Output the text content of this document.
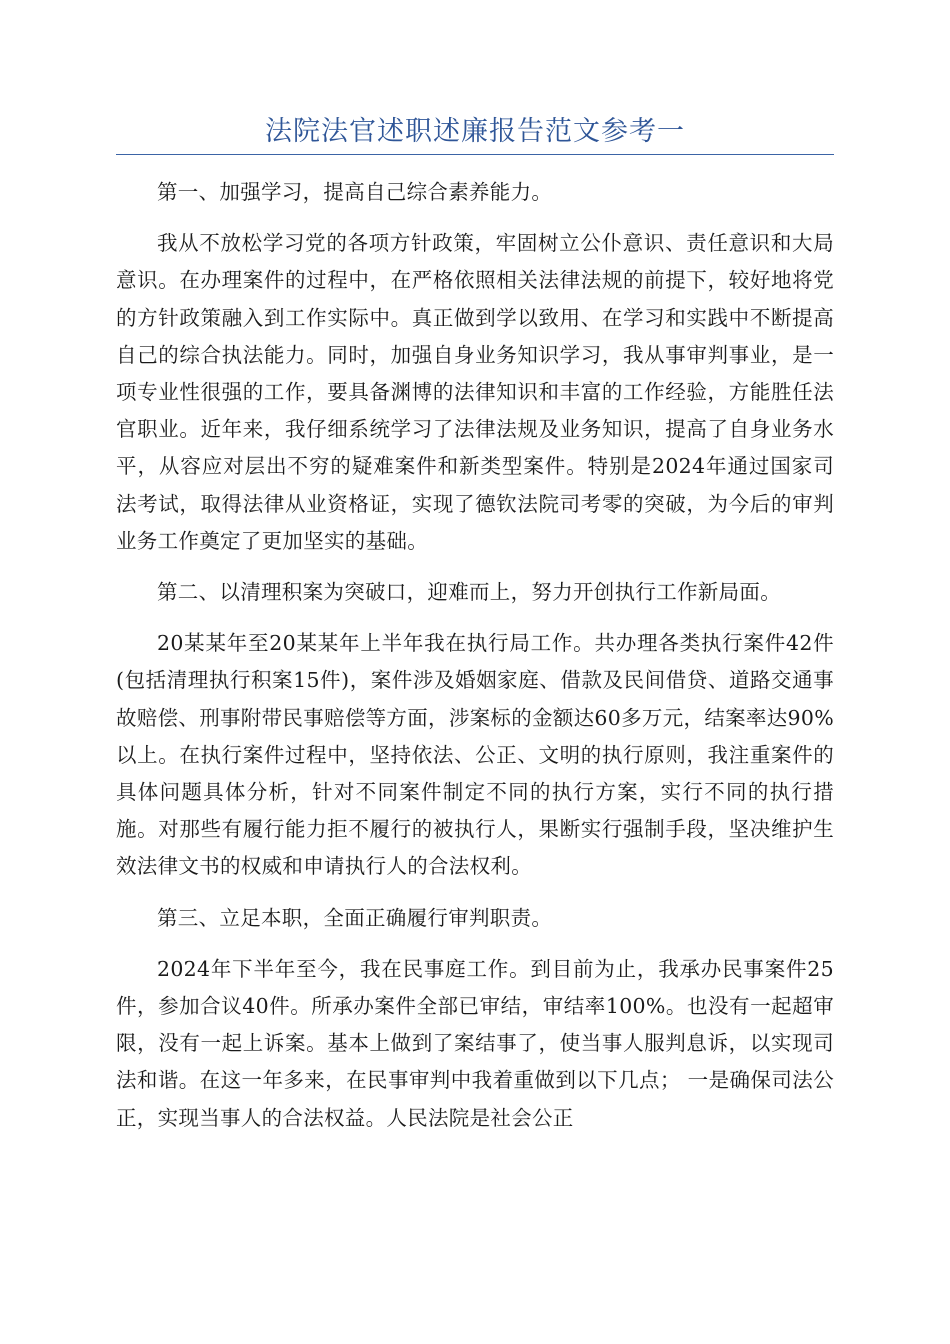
法院法官述职述廉报告范文参考一

第一、加强学习，提高自己综合素养能力。

我从不放松学习党的各项方针政策，牢固树立公仆意识、责任意识和大局意识。在办理案件的过程中，在严格依照相关法律法规的前提下，较好地将党的方针政策融入到工作实际中。真正做到学以致用、在学习和实践中不断提高自己的综合执法能力。同时，加强自身业务知识学习，我从事审判事业，是一项专业性很强的工作，要具备渊博的法律知识和丰富的工作经验，方能胜任法官职业。近年来，我仔细系统学习了法律法规及业务知识，提高了自身业务水平，从容应对层出不穷的疑难案件和新类型案件。特别是2024年通过国家司法考试，取得法律从业资格证，实现了德钦法院司考零的突破，为今后的审判业务工作奠定了更加坚实的基础。

第二、以清理积案为突破口，迎难而上，努力开创执行工作新局面。

20某某年至20某某年上半年我在执行局工作。共办理各类执行案件42件(包括清理执行积案15件)，案件涉及婚姻家庭、借款及民间借贷、道路交通事故赔偿、刑事附带民事赔偿等方面，涉案标的金额达60多万元，结案率达90%以上。在执行案件过程中，坚持依法、公正、文明的执行原则，我注重案件的具体问题具体分析，针对不同案件制定不同的执行方案，实行不同的执行措施。对那些有履行能力拒不履行的被执行人，果断实行强制手段，坚决维护生效法律文书的权威和申请执行人的合法权利。

第三、立足本职，全面正确履行审判职责。

2024年下半年至今，我在民事庭工作。到目前为止，我承办民事案件25件，参加合议40件。所承办案件全部已审结，审结率100%。也没有一起超审限，没有一起上诉案。基本上做到了案结事了，使当事人服判息诉，以实现司法和谐。在这一年多来，在民事审判中我着重做到以下几点； 一是确保司法公正，实现当事人的合法权益。人民法院是社会公正
